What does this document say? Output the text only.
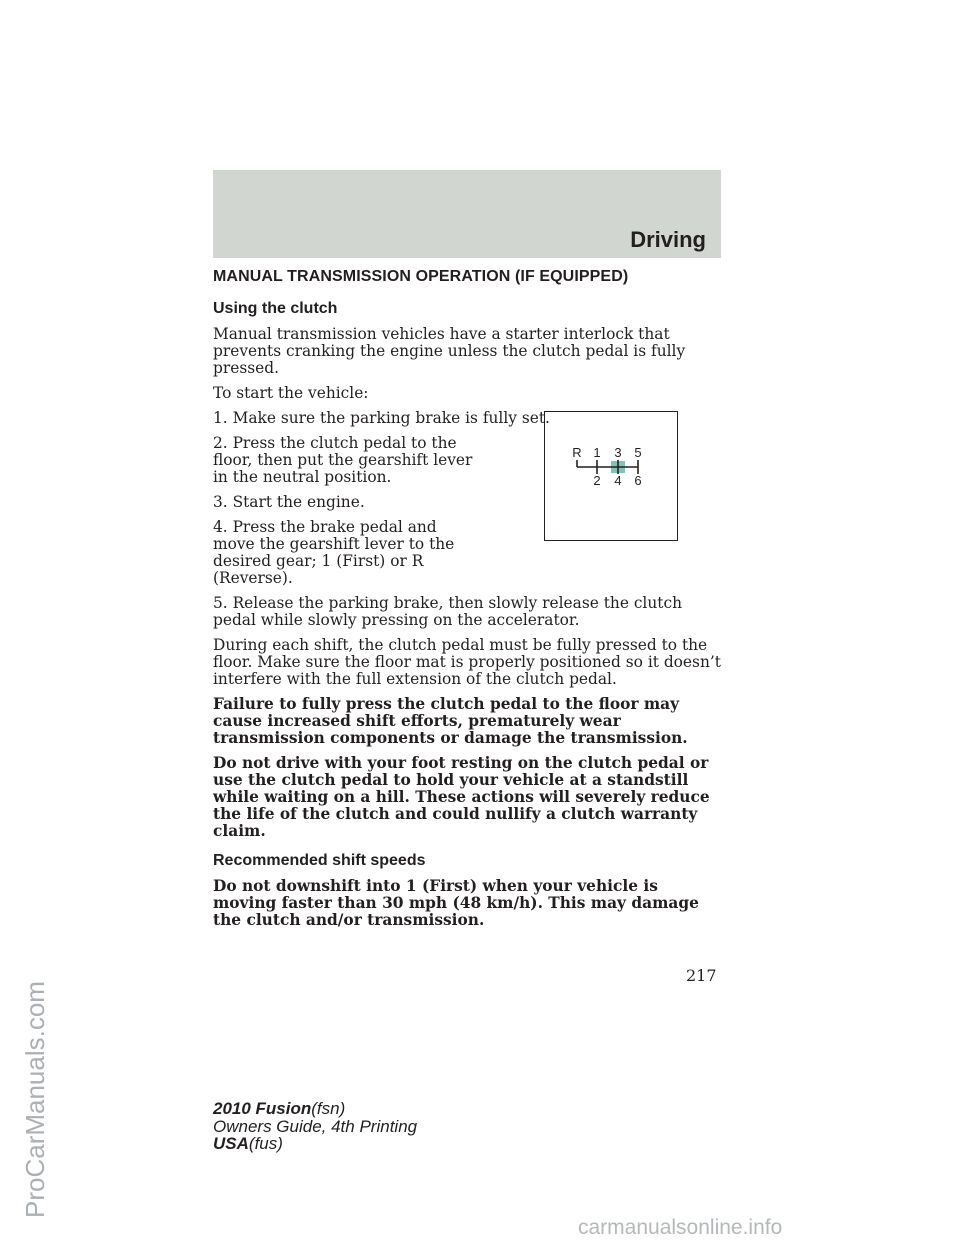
Driving
MANUAL TRANSMISSION OPERATION (IF EQUIPPED)
Using the clutch

Manual transmission vehicles have a starter interlock that prevents cranking the engine unless the clutch pedal is fully pressed.

To start the vehicle:

1. Make sure the parking brake is fully set.

2. Press the clutch pedal to the floor, then put the gearshift lever in the neutral position.

3. Start the engine.

4. Press the brake pedal and move the gearshift lever to the desired gear; 1 (First) or R (Reverse).

5. Release the parking brake, then slowly release the clutch pedal while slowly pressing on the accelerator.

During each shift, the clutch pedal must be fully pressed to the floor. Make sure the floor mat is properly positioned so it doesn’t interfere with the full extension of the clutch pedal.

Failure to fully press the clutch pedal to the floor may cause increased shift efforts, prematurely wear transmission components or damage the transmission.

Do not drive with your foot resting on the clutch pedal or use the clutch pedal to hold your vehicle at a standstill while waiting on a hill. These actions will severely reduce the life of the clutch and could nullify a clutch warranty claim.

Recommended shift speeds

Do not downshift into 1 (First) when your vehicle is moving faster than 30 mph (48 km/h). This may damage the clutch and/or transmission.

R 1 3 5
2 4 6
217
2010 Fusion(fsn)
Owners Guide, 4th Printing
USA(fus)
ProCarManuals.com
carmanualsonline.info
